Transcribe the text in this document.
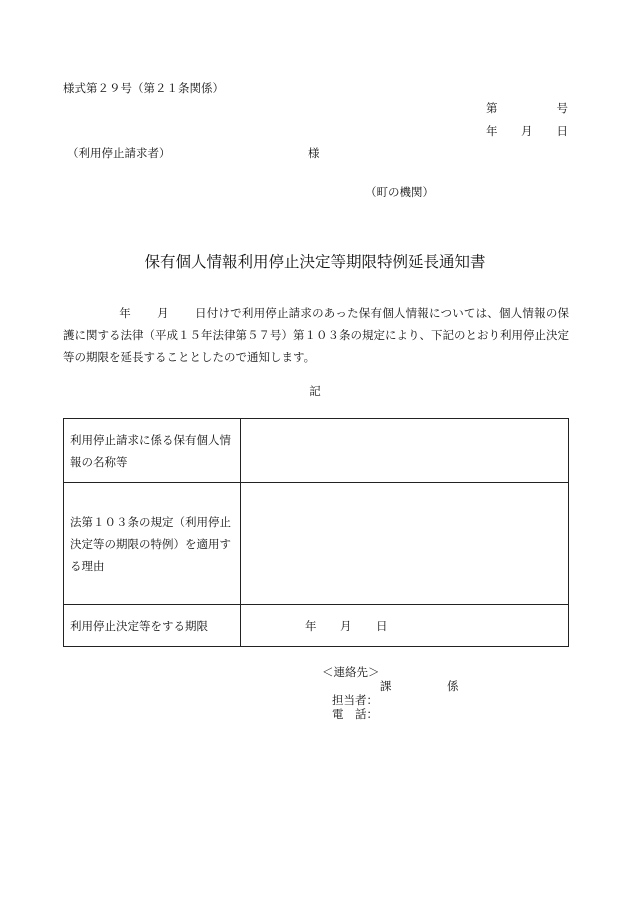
様式第２９号（第２１条関係）
第	号
年 月 日
（利用停止請求者）	様
（町の機関）
保有個人情報利用停止決定等期限特例延長通知書
年 月 日付けで利用停止請求のあった保有個人情報については、個人情報の保護に関する法律（平成１５年法律第５７号）第１０３条の規定により、下記のとおり利用停止決定等の期限を延長することとしたので通知します。
記
利用停止請求に係る保有個人情報の名称等	
法第１０３条の規定（利用停止決定等の期限の特例）を適用する理由	
利用停止決定等をする期限	年 月 日
＜連絡先＞
課	係
担当者：
電　話：
